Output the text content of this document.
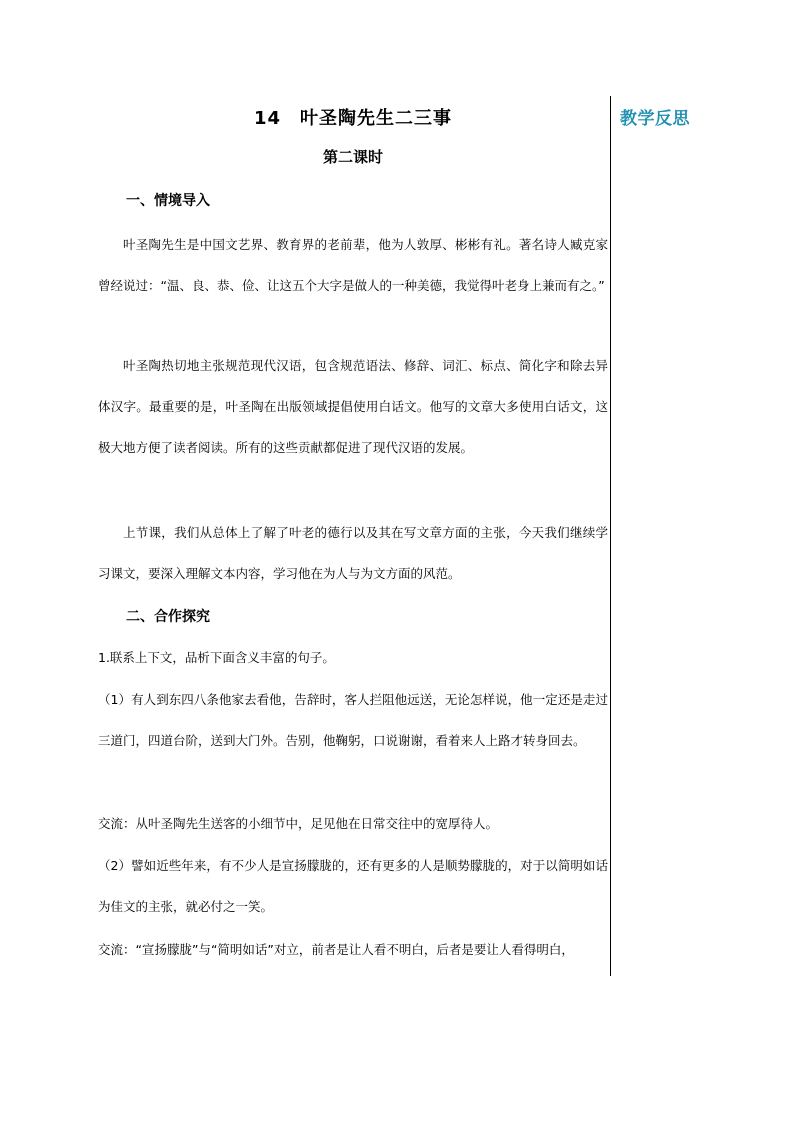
教学反思
14　叶圣陶先生二三事
第二课时
一、情境导入
叶圣陶先生是中国文艺界、教育界的老前辈，他为人敦厚、彬彬有礼。著名诗人臧克家曾经说过：“温、良、恭、俭、让这五个大字是做人的一种美德，我觉得叶老身上兼而有之。”
叶圣陶热切地主张规范现代汉语，包含规范语法、修辞、词汇、标点、简化字和除去异体汉字。最重要的是，叶圣陶在出版领域提倡使用白话文。他写的文章大多使用白话文，这极大地方便了读者阅读。所有的这些贡献都促进了现代汉语的发展。
上节课，我们从总体上了解了叶老的德行以及其在写文章方面的主张，今天我们继续学习课文，要深入理解文本内容，学习他在为人与为文方面的风范。
二、合作探究
1.联系上下文，品析下面含义丰富的句子。
（1）有人到东四八条他家去看他，告辞时，客人拦阻他远送，无论怎样说，他一定还是走过三道门，四道台阶，送到大门外。告别，他鞠躬，口说谢谢，看着来人上路才转身回去。
交流：从叶圣陶先生送客的小细节中，足见他在日常交往中的宽厚待人。
（2）譬如近些年来，有不少人是宣扬朦胧的，还有更多的人是顺势朦胧的，对于以简明如话为佳文的主张，就必付之一笑。
交流：“宣扬朦胧”与“简明如话”对立，前者是让人看不明白，后者是要让人看得明白，
